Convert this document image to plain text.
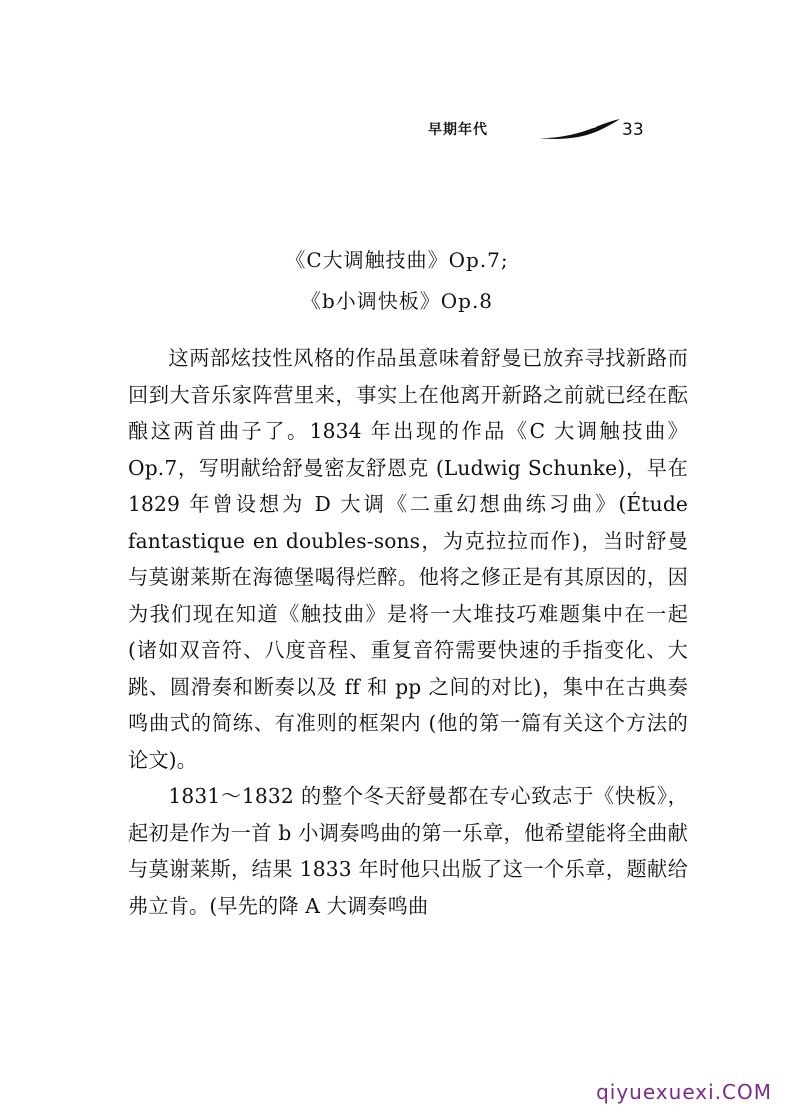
早期年代	33
《C大调触技曲》Op.7;
《b小调快板》Op.8

这两部炫技性风格的作品虽意味着舒曼已放弃寻找新路而回到大音乐家阵营里来，事实上在他离开新路之前就已经在酝酿这两首曲子了。1834 年出现的作品《C 大调触技曲》Op.7，写明献给舒曼密友舒恩克 (Ludwig Schunke)，早在 1829 年曾设想为 D 大调《二重幻想曲练习曲》(Étude fantastique en doubles-sons，为克拉拉而作)，当时舒曼与莫谢莱斯在海德堡喝得烂醉。他将之修正是有其原因的，因为我们现在知道《触技曲》是将一大堆技巧难题集中在一起 (诸如双音符、八度音程、重复音符需要快速的手指变化、大跳、圆滑奏和断奏以及 ff 和 pp 之间的对比)，集中在古典奏鸣曲式的简练、有准则的框架内 (他的第一篇有关这个方法的论文)。

1831～1832 的整个冬天舒曼都在专心致志于《快板》，起初是作为一首 b 小调奏鸣曲的第一乐章，他希望能将全曲献与莫谢莱斯，结果 1833 年时他只出版了这一个乐章，题献给弗立肯。(早先的降 A 大调奏鸣曲

qiyuexuexi.COM
